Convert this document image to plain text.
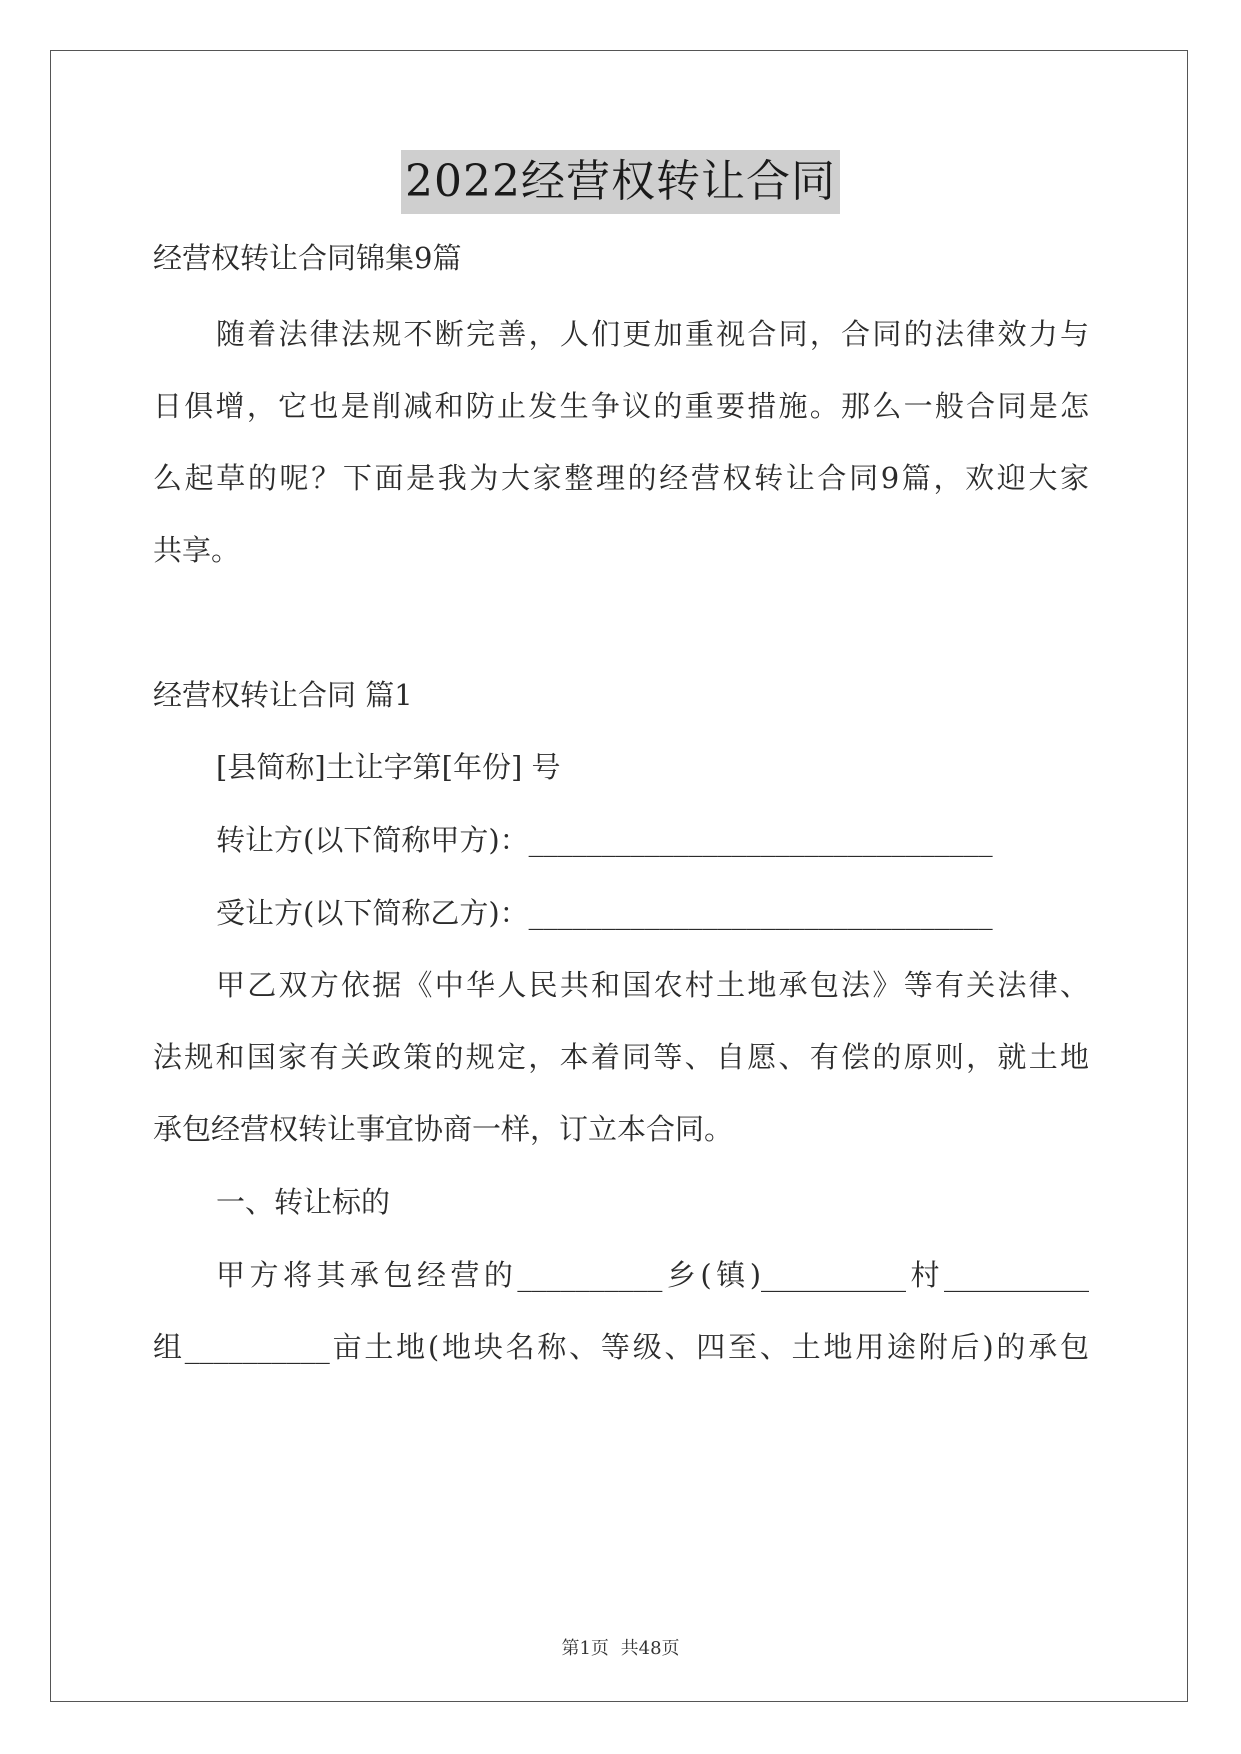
2022经营权转让合同
经营权转让合同锦集9篇
随着法律法规不断完善，人们更加重视合同，合同的法律效力与
日俱增，它也是削减和防止发生争议的重要措施。那么一般合同是怎
么起草的呢？下面是我为大家整理的经营权转让合同9篇，欢迎大家
共享。
经营权转让合同 篇1
[县简称]土让字第[年份] 号
转让方(以下简称甲方)：________________________________
受让方(以下简称乙方)：________________________________
甲乙双方依据《中华人民共和国农村土地承包法》等有关法律、
法规和国家有关政策的规定，本着同等、自愿、有偿的原则，就土地
承包经营权转让事宜协商一样，订立本合同。
一、转让标的
甲方将其承包经营的__________乡(镇)__________村__________
组__________亩土地(地块名称、等级、四至、土地用途附后)的承包
第1页 共48页
